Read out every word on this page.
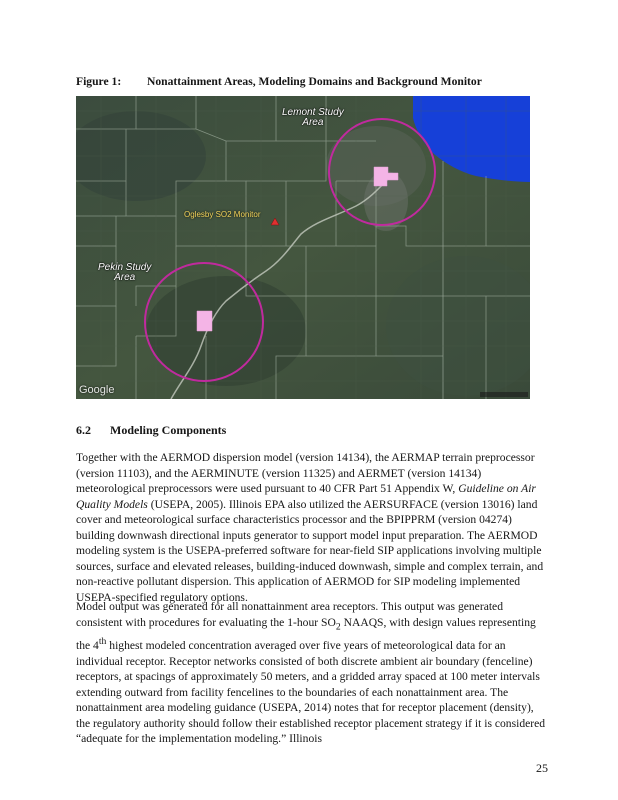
Figure 1: Nonattainment Areas, Modeling Domains and Background Monitor
Lemont Study
Area
Pekin Study
Area
Oglesby SO2 Monitor
Google
6.2 Modeling Components

Together with the AERMOD dispersion model (version 14134), the AERMAP terrain preprocessor (version 11103), and the AERMINUTE (version 11325) and AERMET (version 14134) meteorological preprocessors were used pursuant to 40 CFR Part 51 Appendix W, Guideline on Air Quality Models (USEPA, 2005). Illinois EPA also utilized the AERSURFACE (version 13016) land cover and meteorological surface characteristics processor and the BPIPPRM (version 04274) building downwash directional inputs generator to support model input preparation. The AERMOD modeling system is the USEPA-preferred software for near-field SIP applications involving multiple sources, surface and elevated releases, building-induced downwash, simple and complex terrain, and non-reactive pollutant dispersion. This application of AERMOD for SIP modeling implemented USEPA-specified regulatory options.

Model output was generated for all nonattainment area receptors. This output was generated consistent with procedures for evaluating the 1-hour $SO_2$ NAAQS, with design values representing the 4th highest modeled concentration averaged over five years of meteorological data for an individual receptor. Receptor networks consisted of both discrete ambient air boundary (fenceline) receptors, at spacings of approximately 50 meters, and a gridded array spaced at 100 meter intervals extending outward from facility fencelines to the boundaries of each nonattainment area. The nonattainment area modeling guidance (USEPA, 2014) notes that for receptor placement (density), the regulatory authority should follow their established receptor placement strategy if it is considered “adequate for the implementation modeling.” Illinois

25
